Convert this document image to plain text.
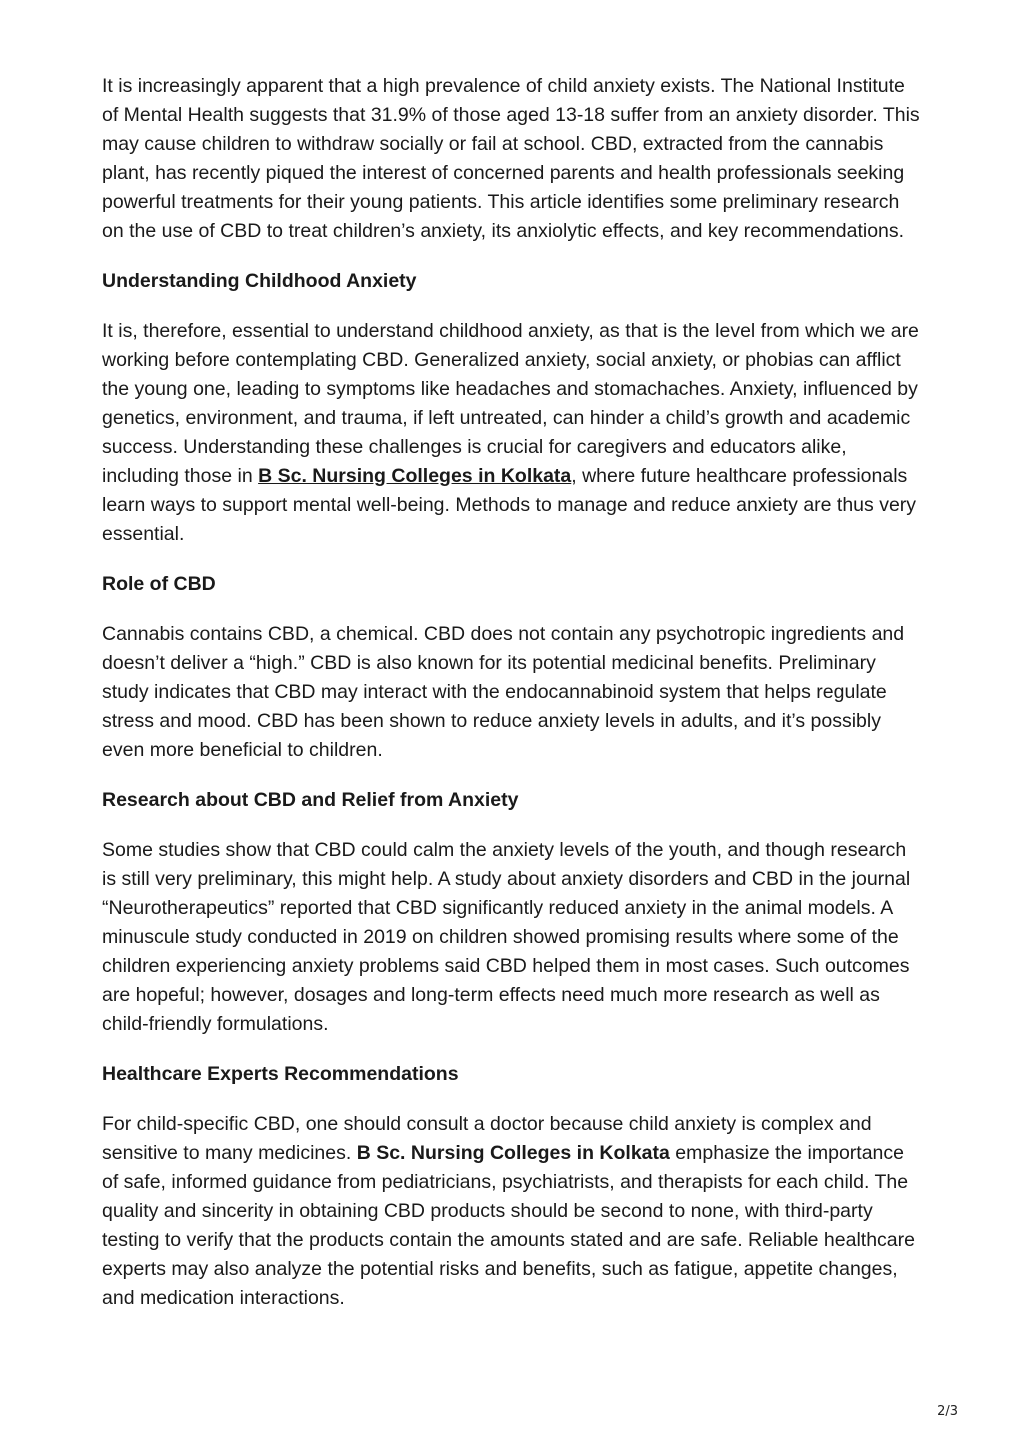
It is increasingly apparent that a high prevalence of child anxiety exists. The National Institute of Mental Health suggests that 31.9% of those aged 13-18 suffer from an anxiety disorder. This may cause children to withdraw socially or fail at school. CBD, extracted from the cannabis plant, has recently piqued the interest of concerned parents and health professionals seeking powerful treatments for their young patients. This article identifies some preliminary research on the use of CBD to treat children’s anxiety, its anxiolytic effects, and key recommendations.

Understanding Childhood Anxiety

It is, therefore, essential to understand childhood anxiety, as that is the level from which we are working before contemplating CBD. Generalized anxiety, social anxiety, or phobias can afflict the young one, leading to symptoms like headaches and stomachaches. Anxiety, influenced by genetics, environment, and trauma, if left untreated, can hinder a child’s growth and academic success. Understanding these challenges is crucial for caregivers and educators alike, including those in B Sc. Nursing Colleges in Kolkata, where future healthcare professionals learn ways to support mental well-being. Methods to manage and reduce anxiety are thus very essential.

Role of CBD

Cannabis contains CBD, a chemical. CBD does not contain any psychotropic ingredients and doesn’t deliver a “high.” CBD is also known for its potential medicinal benefits. Preliminary study indicates that CBD may interact with the endocannabinoid system that helps regulate stress and mood. CBD has been shown to reduce anxiety levels in adults, and it’s possibly even more beneficial to children.

Research about CBD and Relief from Anxiety

Some studies show that CBD could calm the anxiety levels of the youth, and though research is still very preliminary, this might help. A study about anxiety disorders and CBD in the journal “Neurotherapeutics” reported that CBD significantly reduced anxiety in the animal models. A minuscule study conducted in 2019 on children showed promising results where some of the children experiencing anxiety problems said CBD helped them in most cases. Such outcomes are hopeful; however, dosages and long-term effects need much more research as well as child-friendly formulations.

Healthcare Experts Recommendations

For child-specific CBD, one should consult a doctor because child anxiety is complex and sensitive to many medicines. B Sc. Nursing Colleges in Kolkata emphasize the importance of safe, informed guidance from pediatricians, psychiatrists, and therapists for each child. The quality and sincerity in obtaining CBD products should be second to none, with third-party testing to verify that the products contain the amounts stated and are safe. Reliable healthcare experts may also analyze the potential risks and benefits, such as fatigue, appetite changes, and medication interactions.

2/3
